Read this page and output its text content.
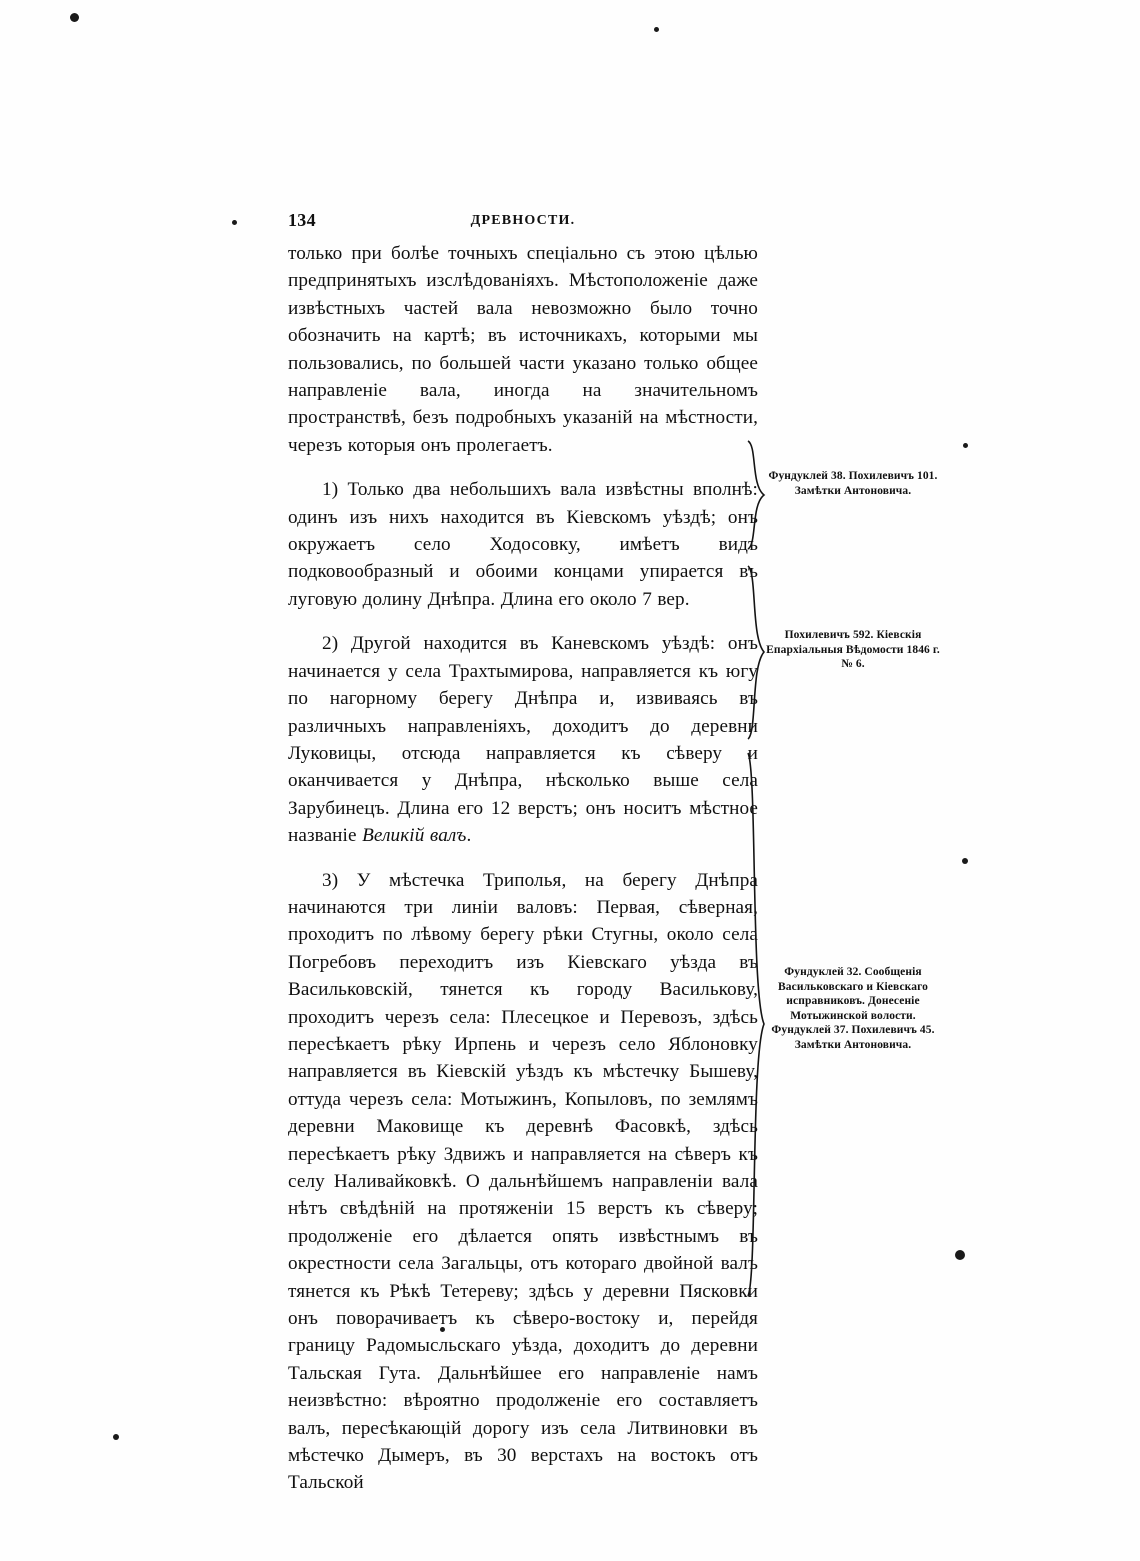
134	ДРЕВНОСТИ.

только при болѣе точныхъ спеціально съ этою цѣлью предпринятыхъ изслѣдованіяхъ. Мѣстоположеніе даже извѣстныхъ частей вала невозможно было точно обозначить на картѣ; въ источникахъ, которыми мы пользовались, по большей части указано только общее направленіе вала, иногда на значительномъ пространствѣ, безъ подробныхъ указаній на мѣстности, черезъ которыя онъ пролегаетъ.

1) Только два небольшихъ вала извѣстны вполнѣ: одинъ изъ нихъ находится въ Кіевскомъ уѣздѣ; онъ окружаетъ село Ходосовку, имѣетъ видъ подковообразный и обоими концами упирается въ луговую долину Днѣпра. Длина его около 7 вер.

2) Другой находится въ Каневскомъ уѣздѣ: онъ начинается у села Трахтымирова, направляется къ югу по нагорному берегу Днѣпра и, извиваясь въ различныхъ направленіяхъ, доходитъ до деревни Луковицы, отсюда направляется къ сѣверу и оканчивается у Днѣпра, нѣсколько выше села Зарубинецъ. Длина его 12 верстъ; онъ носитъ мѣстное названіе Великій валъ.

3) У мѣстечка Триполья, на берегу Днѣпра начинаются три линіи валовъ: Первая, сѣверная, проходитъ по лѣвому берегу рѣки Стугны, около села Погребовъ переходитъ изъ Кіевскаго уѣзда въ Васильковскій, тянется къ городу Василькову, проходитъ черезъ села: Плесецкое и Перевозъ, здѣсь пересѣкаетъ рѣку Ирпень и черезъ село Яблоновку направляется въ Кіевскій уѣздъ къ мѣстечку Бышеву, оттуда черезъ села: Мотыжинъ, Копыловъ, по землямъ деревни Маковище къ деревнѣ Фасовкѣ, здѣсь пересѣкаетъ рѣку Здвижъ и направляется на сѣверъ къ селу Наливайковкѣ. О дальнѣйшемъ направленіи вала нѣтъ свѣдѣній на протяженіи 15 верстъ къ сѣверу; продолженіе его дѣлается опять извѣстнымъ въ окрестности села Загальцы, отъ котораго двойной валъ тянется къ Рѣкѣ Тетереву; здѣсь у деревни Пясковки онъ поворачиваетъ къ сѣверо-востоку и, перейдя границу Радомысльскаго уѣзда, доходитъ до деревни Тальская Гута. Дальнѣйшее его направленіе намъ неизвѣстно: вѣроятно продолженіе его составляетъ валъ, пересѣкающій дорогу изъ села Литвиновки въ мѣстечко Дымеръ, въ 30 верстахъ на востокъ отъ Тальской

Фундуклей 38. Похилевичъ 101. Замѣтки Антоновича.
Похилевичъ 592. Кіевскія Епархіальныя Вѣдомости 1846 г. № 6.
Фундуклей 32. Сообщенія Васильковскаго и Кіевскаго исправниковъ. Донесеніе Мотыжинской волости. Фундуклей 37. Похилевичъ 45. Замѣтки Антоновича.
